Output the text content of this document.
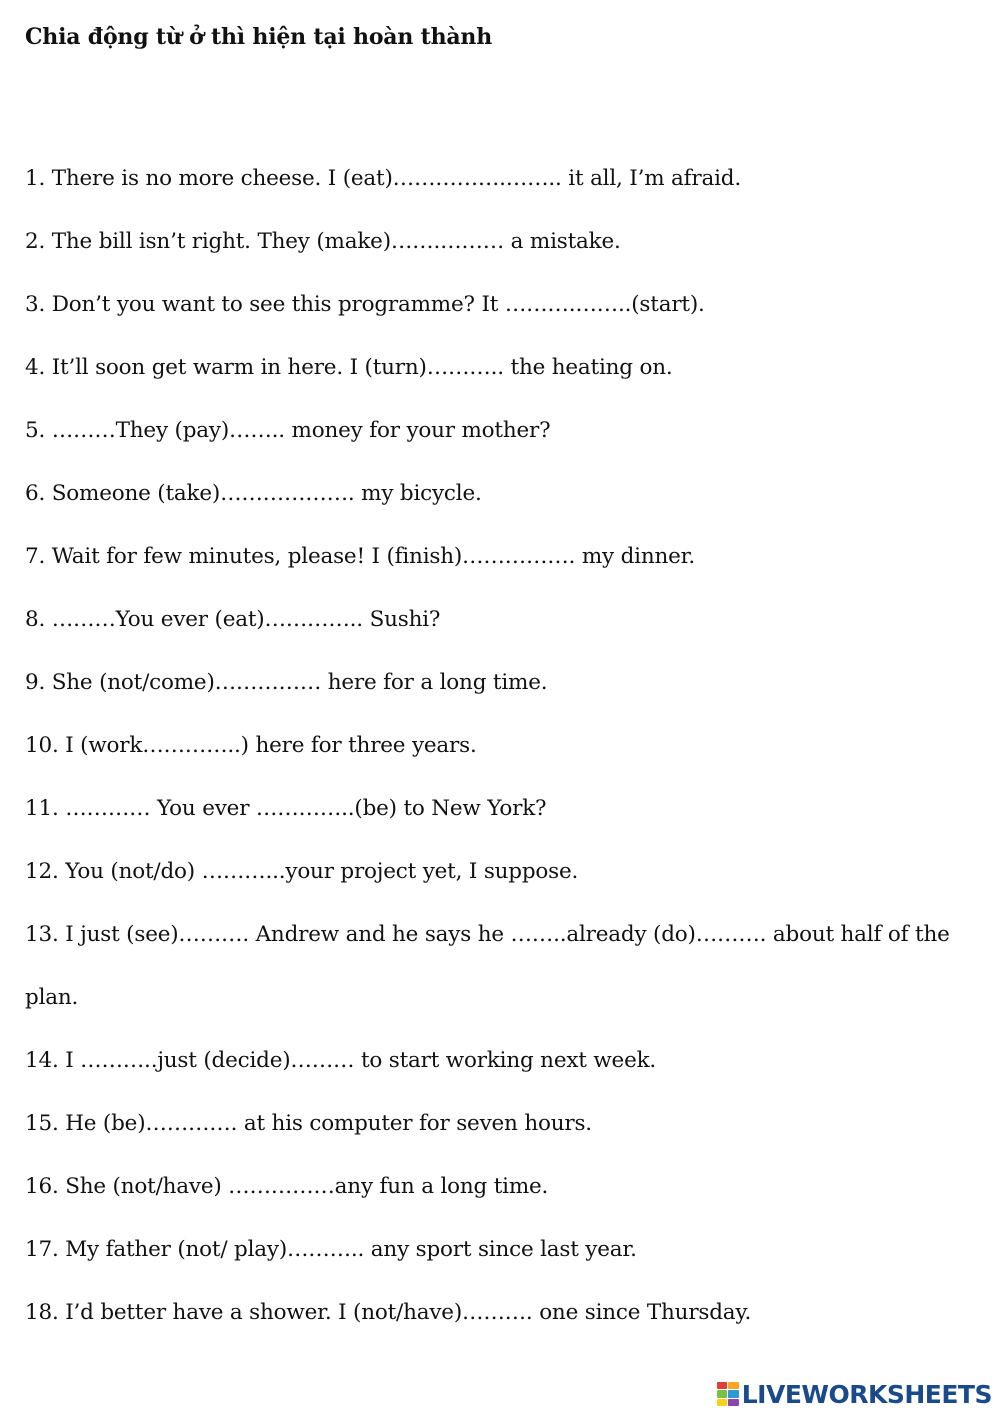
Chia động từ ở thì hiện tại hoàn thành
1. There is no more cheese. I (eat)…………….…….. it all, I’m afraid.
2. The bill isn’t right. They (make)…….……… a mistake.
3. Don’t you want to see this programme? It ……….……..(start).
4. It’ll soon get warm in here. I (turn)……….. the heating on.
5. ………They (pay)…….. money for your mother?
6. Someone (take)………………. my bicycle.
7. Wait for few minutes, please! I (finish)……………. my dinner.
8. ………You ever (eat)………….. Sushi?
9. She (not/come)…………… here for a long time.
10. I (work…………..) here for three years.
11. ………… You ever …………..(be) to New York?
12. You (not/do) ………...your project yet, I suppose.
13. I just (see)………. Andrew and he says he ……..already (do)………. about half of the plan.
14. I ………..just (decide)……… to start working next week.
15. He (be)…………. at his computer for seven hours.
16. She (not/have) ……………any fun a long time.
17. My father (not/ play)……….. any sport since last year.
18. I’d better have a shower. I (not/have)………. one since Thursday.
LIVEWORKSHEETS
